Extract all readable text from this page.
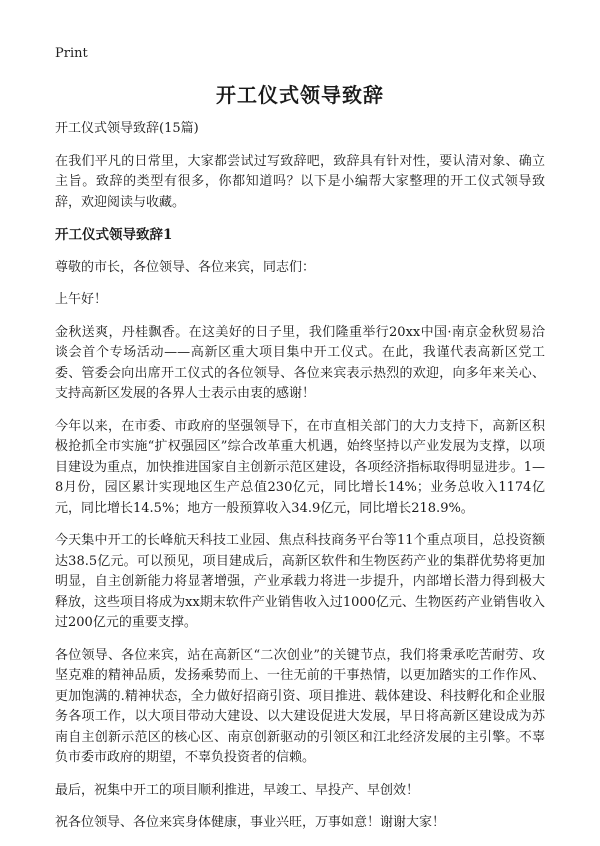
Print
开工仪式领导致辞

开工仪式领导致辞(15篇)

在我们平凡的日常里，大家都尝试过写致辞吧，致辞具有针对性，要认清对象、确立主旨。致辞的类型有很多，你都知道吗？以下是小编帮大家整理的开工仪式领导致辞，欢迎阅读与收藏。

开工仪式领导致辞1

尊敬的市长，各位领导、各位来宾，同志们：

上午好！

金秋送爽，丹桂飘香。在这美好的日子里，我们隆重举行20xx中国·南京金秋贸易洽谈会首个专场活动——高新区重大项目集中开工仪式。在此，我谨代表高新区党工委、管委会向出席开工仪式的各位领导、各位来宾表示热烈的欢迎，向多年来关心、支持高新区发展的各界人士表示由衷的感谢！

今年以来，在市委、市政府的坚强领导下，在市直相关部门的大力支持下，高新区积极抢抓全市实施“扩权强园区”综合改革重大机遇，始终坚持以产业发展为支撑，以项目建设为重点，加快推进国家自主创新示范区建设，各项经济指标取得明显进步。1—8月份，园区累计实现地区生产总值230亿元，同比增长14%；业务总收入1174亿元，同比增长14.5%；地方一般预算收入34.9亿元，同比增长218.9%。

今天集中开工的长峰航天科技工业园、焦点科技商务平台等11个重点项目，总投资额达38.5亿元。可以预见，项目建成后，高新区软件和生物医药产业的集群优势将更加明显，自主创新能力将显著增强，产业承载力将进一步提升，内部增长潜力得到极大释放，这些项目将成为xx期末软件产业销售收入过1000亿元、生物医药产业销售收入过200亿元的重要支撑。

各位领导、各位来宾，站在高新区“二次创业”的关键节点，我们将秉承吃苦耐劳、攻坚克难的精神品质，发扬乘势而上、一往无前的干事热情，以更加踏实的工作作风、更加饱满的.精神状态，全力做好招商引资、项目推进、载体建设、科技孵化和企业服务各项工作，以大项目带动大建设、以大建设促进大发展，早日将高新区建设成为苏南自主创新示范区的核心区、南京创新驱动的引领区和江北经济发展的主引擎。不辜负市委市政府的期望，不辜负投资者的信赖。

最后，祝集中开工的项目顺利推进，早竣工、早投产、早创效！

祝各位领导、各位来宾身体健康，事业兴旺，万事如意！谢谢大家！
